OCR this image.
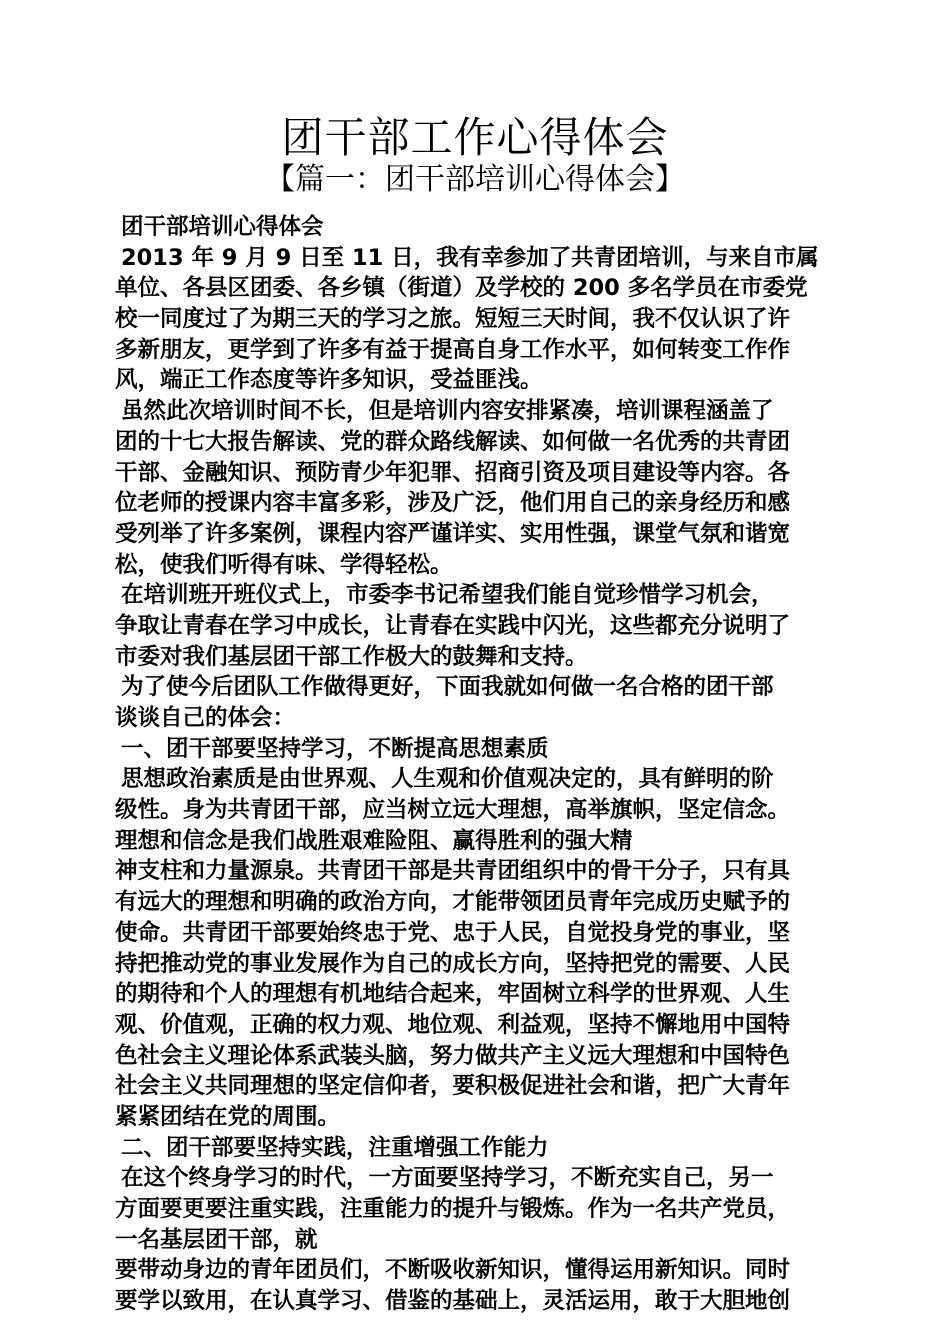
团干部工作心得体会
【篇一：团干部培训心得体会】
团干部培训心得体会
2013 年 9 月 9 日至 11 日，我有幸参加了共青团培训，与来自市属
单位、各县区团委、各乡镇（街道）及学校的 200 多名学员在市委党
校一同度过了为期三天的学习之旅。短短三天时间，我不仅认识了许
多新朋友，更学到了许多有益于提高自身工作水平，如何转变工作作
风，端正工作态度等许多知识，受益匪浅。
虽然此次培训时间不长，但是培训内容安排紧凑，培训课程涵盖了
团的十七大报告解读、党的群众路线解读、如何做一名优秀的共青团
干部、金融知识、预防青少年犯罪、招商引资及项目建设等内容。各
位老师的授课内容丰富多彩，涉及广泛，他们用自己的亲身经历和感
受列举了许多案例，课程内容严谨详实、实用性强，课堂气氛和谐宽
松，使我们听得有味、学得轻松。
在培训班开班仪式上，市委李书记希望我们能自觉珍惜学习机会，
争取让青春在学习中成长，让青春在实践中闪光，这些都充分说明了
市委对我们基层团干部工作极大的鼓舞和支持。
为了使今后团队工作做得更好，下面我就如何做一名合格的团干部
谈谈自己的体会：
一、团干部要坚持学习，不断提高思想素质
思想政治素质是由世界观、人生观和价值观决定的，具有鲜明的阶
级性。身为共青团干部，应当树立远大理想，高举旗帜，坚定信念。
理想和信念是我们战胜艰难险阻、赢得胜利的强大精
神支柱和力量源泉。共青团干部是共青团组织中的骨干分子，只有具
有远大的理想和明确的政治方向，才能带领团员青年完成历史赋予的
使命。共青团干部要始终忠于党、忠于人民，自觉投身党的事业，坚
持把推动党的事业发展作为自己的成长方向，坚持把党的需要、人民
的期待和个人的理想有机地结合起来，牢固树立科学的世界观、人生
观、价值观，正确的权力观、地位观、利益观，坚持不懈地用中国特
色社会主义理论体系武装头脑，努力做共产主义远大理想和中国特色
社会主义共同理想的坚定信仰者，要积极促进社会和谐，把广大青年
紧紧团结在党的周围。
二、团干部要坚持实践，注重增强工作能力
在这个终身学习的时代，一方面要坚持学习，不断充实自己，另一
方面要更要注重实践，注重能力的提升与锻炼。作为一名共产党员，
一名基层团干部，就
要带动身边的青年团员们，不断吸收新知识，懂得运用新知识。同时
要学以致用，在认真学习、借鉴的基础上，灵活运用，敢于大胆地创
